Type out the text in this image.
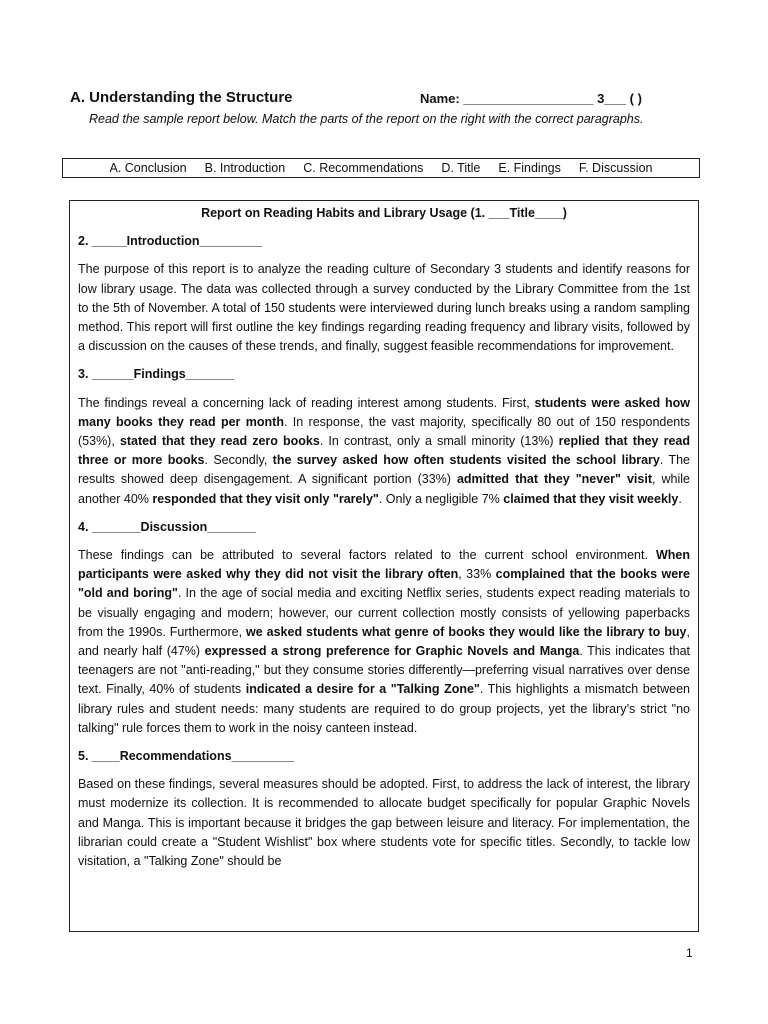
A. Understanding the Structure	Name: __________________ 3___ ( )
Read the sample report below. Match the parts of the report on the right with the correct paragraphs.
A. Conclusion B. Introduction C. Recommendations D. Title E. Findings F. Discussion
Report on Reading Habits and Library Usage (1. ___Title____)
2. _____Introduction_________
The purpose of this report is to analyze the reading culture of Secondary 3 students and identify reasons for low library usage. The data was collected through a survey conducted by the Library Committee from the 1st to the 5th of November. A total of 150 students were interviewed during lunch breaks using a random sampling method. This report will first outline the key findings regarding reading frequency and library visits, followed by a discussion on the causes of these trends, and finally, suggest feasible recommendations for improvement.
3. ______Findings_______
The findings reveal a concerning lack of reading interest among students. First, students were asked how many books they read per month. In response, the vast majority, specifically 80 out of 150 respondents (53%), stated that they read zero books. In contrast, only a small minority (13%) replied that they read three or more books. Secondly, the survey asked how often students visited the school library. The results showed deep disengagement. A significant portion (33%) admitted that they "never" visit, while another 40% responded that they visit only "rarely". Only a negligible 7% claimed that they visit weekly.
4. _______Discussion_______
These findings can be attributed to several factors related to the current school environment. When participants were asked why they did not visit the library often, 33% complained that the books were "old and boring". In the age of social media and exciting Netflix series, students expect reading materials to be visually engaging and modern; however, our current collection mostly consists of yellowing paperbacks from the 1990s. Furthermore, we asked students what genre of books they would like the library to buy, and nearly half (47%) expressed a strong preference for Graphic Novels and Manga. This indicates that teenagers are not "anti-reading," but they consume stories differently—preferring visual narratives over dense text. Finally, 40% of students indicated a desire for a "Talking Zone". This highlights a mismatch between library rules and student needs: many students are required to do group projects, yet the library’s strict "no talking" rule forces them to work in the noisy canteen instead.
5. ____Recommendations_________
Based on these findings, several measures should be adopted. First, to address the lack of interest, the library must modernize its collection. It is recommended to allocate budget specifically for popular Graphic Novels and Manga. This is important because it bridges the gap between leisure and literacy. For implementation, the librarian could create a "Student Wishlist" box where students vote for specific titles. Secondly, to tackle low visitation, a "Talking Zone" should be
1
